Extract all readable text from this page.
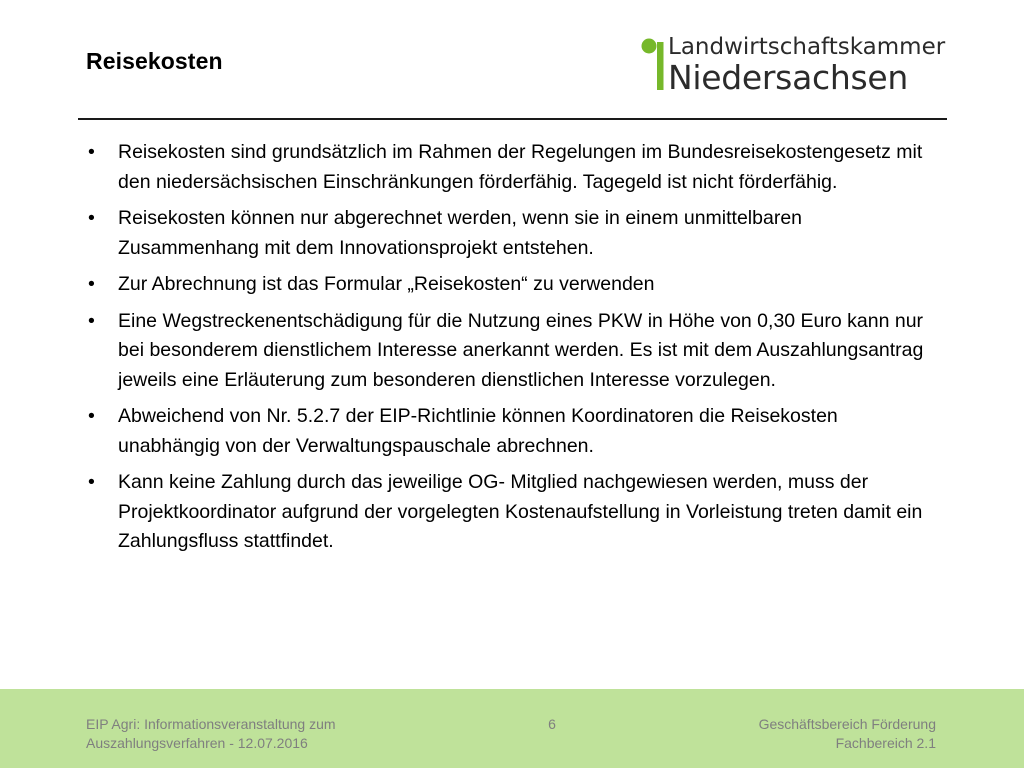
Reisekosten
Landwirtschaftskammer
Niedersachsen
• Reisekosten sind grundsätzlich im Rahmen der Regelungen im Bundesreisekostengesetz mit den niedersächsischen Einschränkungen förderfähig. Tagegeld ist nicht förderfähig.
• Reisekosten können nur abgerechnet werden, wenn sie in einem unmittelbaren Zusammenhang mit dem Innovationsprojekt entstehen.
• Zur Abrechnung ist das Formular „Reisekosten“ zu verwenden
• Eine Wegstreckenentschädigung für die Nutzung eines PKW in Höhe von 0,30 Euro kann nur bei besonderem dienstlichem Interesse anerkannt werden. Es ist mit dem Auszahlungsantrag jeweils eine Erläuterung zum besonderen dienstlichen Interesse vorzulegen.
• Abweichend von Nr. 5.2.7 der EIP-Richtlinie können Koordinatoren die Reisekosten unabhängig von der Verwaltungspauschale abrechnen.
• Kann keine Zahlung durch das jeweilige OG- Mitglied nachgewiesen werden, muss der Projektkoordinator aufgrund der vorgelegten Kostenaufstellung in Vorleistung treten damit ein Zahlungsfluss stattfindet.
EIP Agri: Informationsveranstaltung zum
Auszahlungsverfahren - 12.07.2016
6	Geschäftsbereich Förderung
Fachbereich 2.1
